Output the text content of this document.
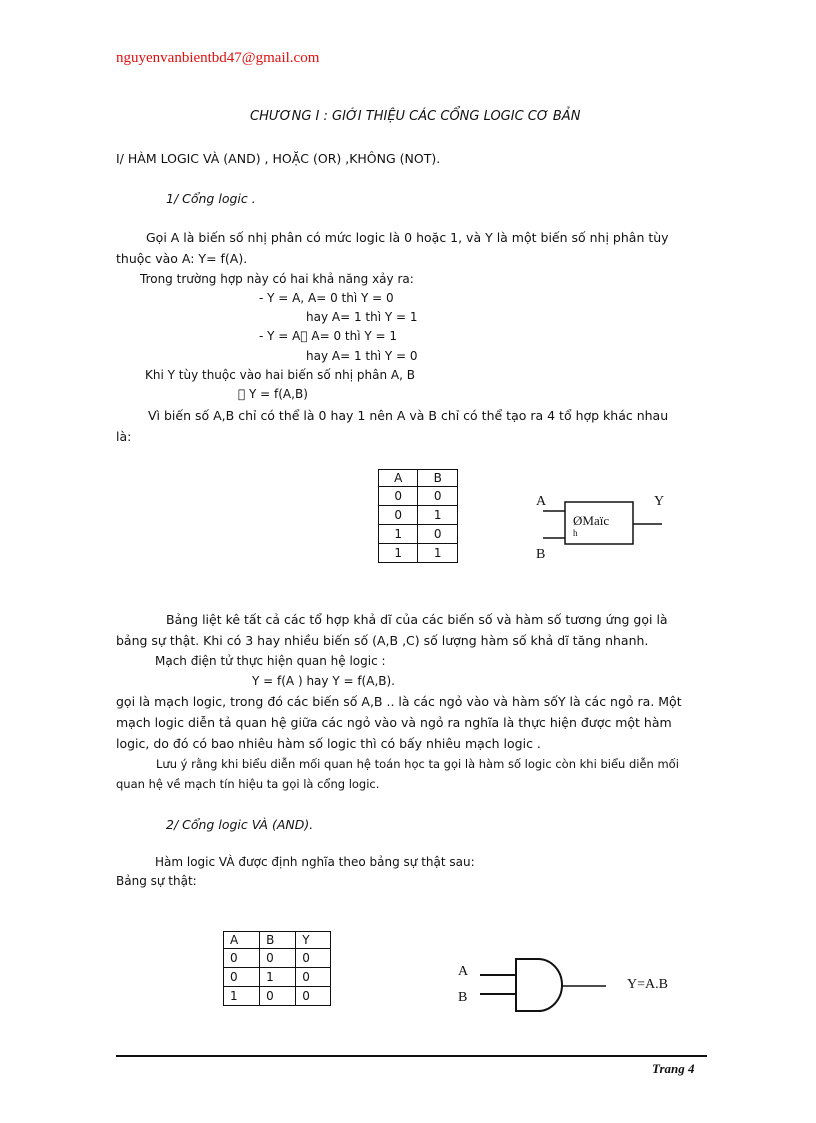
nguyenvanbientbd47@gmail.com
CHƯƠNG I : GIỚI THIỆU CÁC CỔNG LOGIC CƠ BẢN
I/ HÀM LOGIC VÀ (AND) , HOẶC (OR) ,KHÔNG (NOT).
1/ Cổng logic .
Gọi A là biến số nhị phân có mức logic là 0 hoặc 1, và Y là một biến số nhị phân tùy
thuộc vào A: Y= f(A).
Trong trường hợp này có hai khả năng xảy ra:
- Y = A, A= 0 thì Y = 0
hay A= 1 thì Y = 1
- Y = A A= 0 thì Y = 1
hay A= 1 thì Y = 0
Khi Y tùy thuộc vào hai biến số nhị phân A, B
Y = f(A,B)
Vì biến số A,B chỉ có thể là 0 hay 1 nên A và B chỉ có thể tạo ra 4 tổ hợp khác nhau
là:
A	B
0	0
0	1
1	0
1	1
A
B
Y
ØMaïc
h
Bảng liệt kê tất cả các tổ hợp khả dĩ của các biến số và hàm số tương ứng gọi là
bảng sự thật. Khi có 3 hay nhiều biến số (A,B ,C) số lượng hàm số khả dĩ tăng nhanh.
Mạch điện tử thực hiện quan hệ logic :
Y = f(A ) hay Y = f(A,B).
gọi là mạch logic, trong đó các biến số A,B .. là các ngỏ vào và hàm sốY là các ngỏ ra. Một
mạch logic diễn tả quan hệ giữa các ngỏ vào và ngỏ ra nghĩa là thực hiện được một hàm
logic, do đó có bao nhiêu hàm số logic thì có bấy nhiêu mạch logic .
Lưu ý rằng khi biểu diễn mối quan hệ toán học ta gọi là hàm số logic còn khi biểu diễn mối
quan hệ về mạch tín hiệu ta gọi là cổng logic.
2/ Cổng logic VÀ (AND).
Hàm logic VÀ được định nghĩa theo bảng sự thật sau:
Bảng sự thật:
A	B	Y
0	0	0
0	1	0
1	0	0
A
B
Y=A.B
Trang 4
